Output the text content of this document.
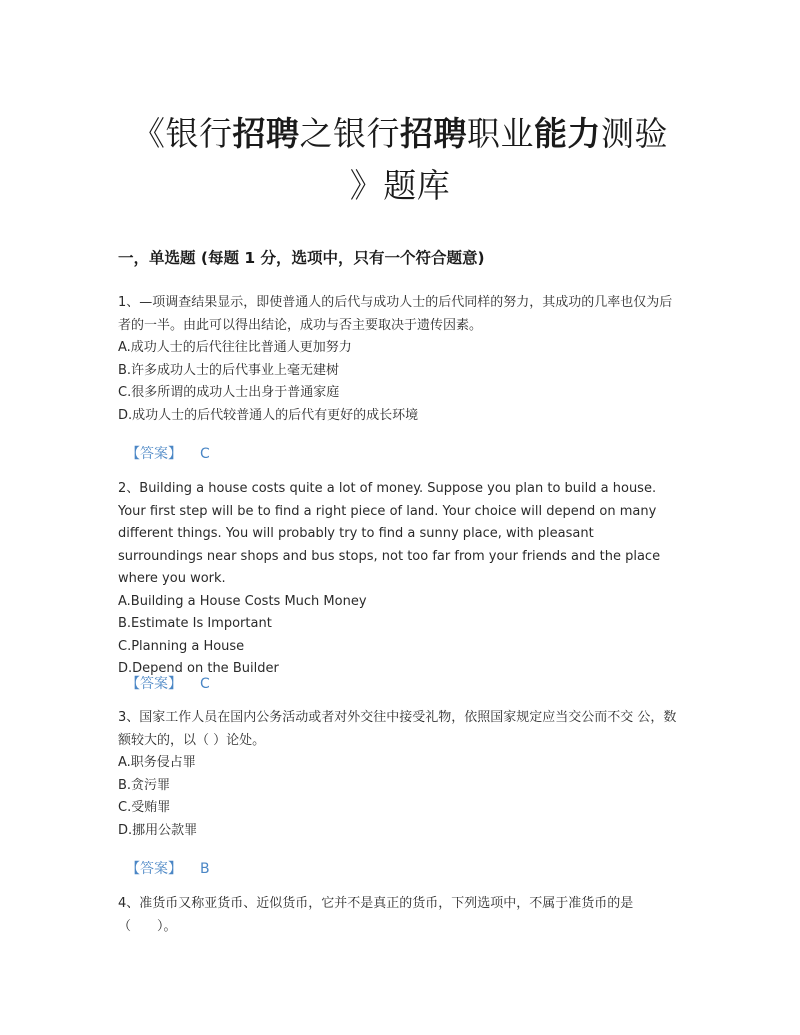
《银行招聘之银行招聘职业能力测验
》题库
一，单选题 (每题 1 分，选项中，只有一个符合题意)

1、—项调查结果显示，即使普通人的后代与成功人士的后代同样的努力，其成功的几率也仅为后者的一半。由此可以得出结论，成功与否主要取决于遗传因素。

A.成功人士的后代往往比普通人更加努力

B.许多成功人士的后代事业上毫无建树

C.很多所谓的成功人士出身于普通家庭

D.成功人士的后代较普通人的后代有更好的成长环境

【答案】 C

2、Building a house costs quite a lot of money. Suppose you plan to build a house. Your first step will be to find a right piece of land. Your choice will depend on many different things. You will probably try to find a sunny place, with pleasant surroundings near shops and bus stops, not too far from your friends and the place where you work.

A.Building a House Costs Much Money

B.Estimate Is Important

C.Planning a House

D.Depend on the Builder

【答案】 C

3、国家工作人员在国内公务活动或者对外交往中接受礼物，依照国家规定应当交公而不交 公，数额较大的，以（ ）论处。

A.职务侵占罪

B.贪污罪

C.受贿罪

D.挪用公款罪

【答案】 B

4、准货币又称亚货币、近似货币，它并不是真正的货币，下列选项中，不属于准货币的是（　　）。
